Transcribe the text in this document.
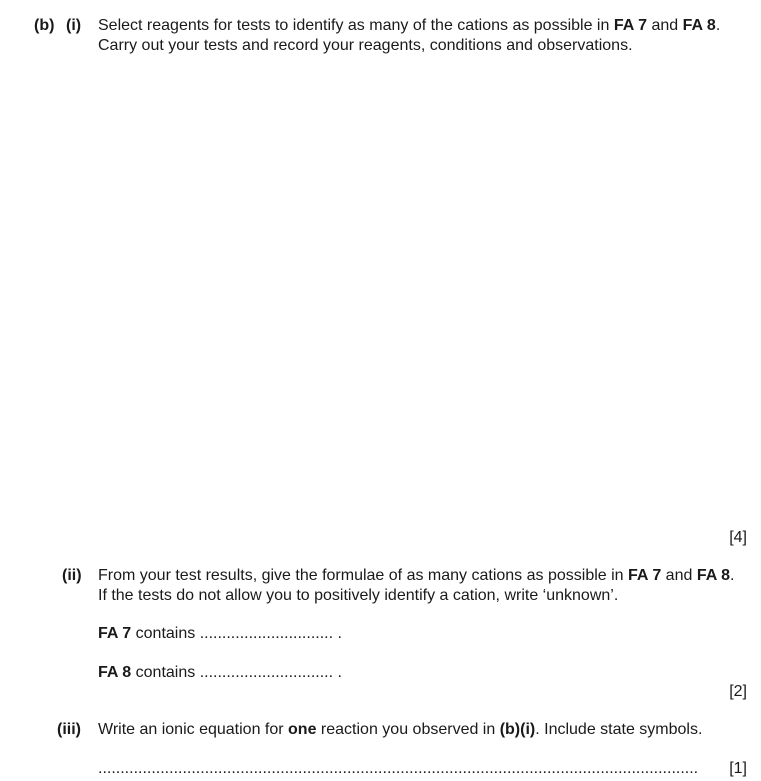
(b) (i) Select reagents for tests to identify as many of the cations as possible in FA 7 and FA 8.
Carry out your tests and record your reagents, conditions and observations.
[4]
(ii) From your test results, give the formulae of as many cations as possible in FA 7 and FA 8.
If the tests do not allow you to positively identify a cation, write ‘unknown’.
FA 7 contains .............................. .
FA 8 contains .............................. .
[2]
(iii) Write an ionic equation for one reaction you observed in (b)(i). Include state symbols.
.......................................................................................................................................	[1]
